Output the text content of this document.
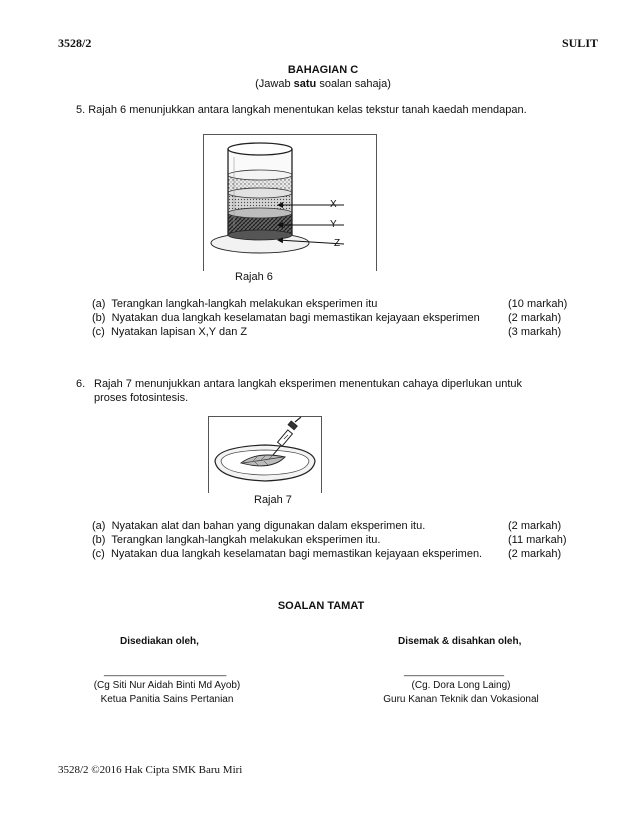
3528/2	SULIT
BAHAGIAN C
(Jawab satu soalan sahaja)
5. Rajah 6 menunjukkan antara langkah menentukan kelas tekstur tanah kaedah mendapan.
X
Y
Z
Rajah 6
(a) Terangkan langkah-langkah melakukan eksperimen itu	(10 markah)
(b) Nyatakan dua langkah keselamatan bagi memastikan kejayaan eksperimen	(2 markah)
(c) Nyatakan lapisan X,Y dan Z	(3 markah)
6. Rajah 7 menunjukkan antara langkah eksperimen menentukan cahaya diperlukan untuk
proses fotosintesis.
Rajah 7
(a) Nyatakan alat dan bahan yang digunakan dalam eksperimen itu.	(2 markah)
(b) Terangkan langkah-langkah melakukan eksperimen itu.	(11 markah)
(c) Nyatakan dua langkah keselamatan bagi memastikan kejayaan eksperimen. (2 markah)
SOALAN TAMAT
Disediakan oleh,
______________________
(Cg Siti Nur Aidah Binti Md Ayob)
Ketua Panitia Sains Pertanian
Disemak & disahkan oleh,
__________________
(Cg. Dora Long Laing)
Guru Kanan Teknik dan Vokasional
3528/2 ©2016 Hak Cipta SMK Baru Miri
